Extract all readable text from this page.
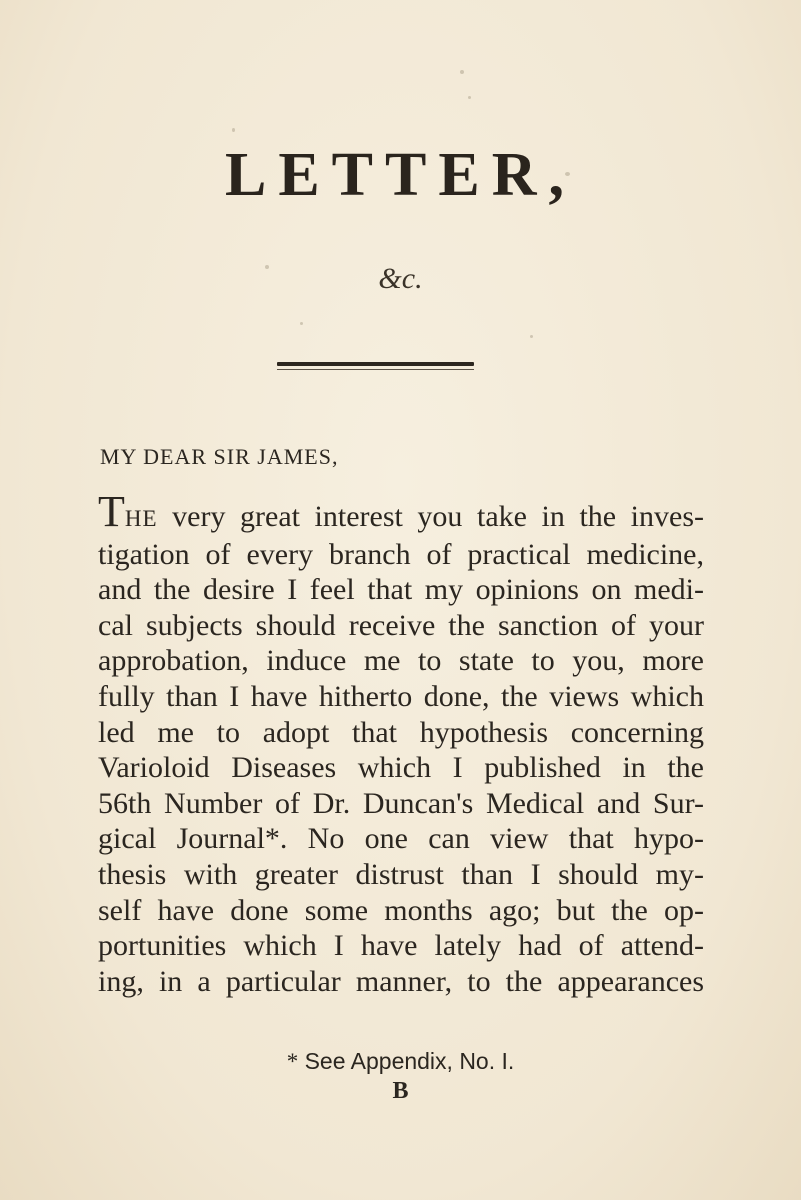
LETTER,
&c.
MY DEAR SIR JAMES,
THE very great interest you take in the inves-
tigation of every branch of practical medicine,
and the desire I feel that my opinions on medi-
cal subjects should receive the sanction of your
approbation, induce me to state to you, more
fully than I have hitherto done, the views which
led me to adopt that hypothesis concerning
Varioloid Diseases which I published in the
56th Number of Dr. Duncan's Medical and Sur-
gical Journal*. No one can view that hypo-
thesis with greater distrust than I should my-
self have done some months ago; but the op-
portunities which I have lately had of attend-
ing, in a particular manner, to the appearances
* See Appendix, No. I.
B
